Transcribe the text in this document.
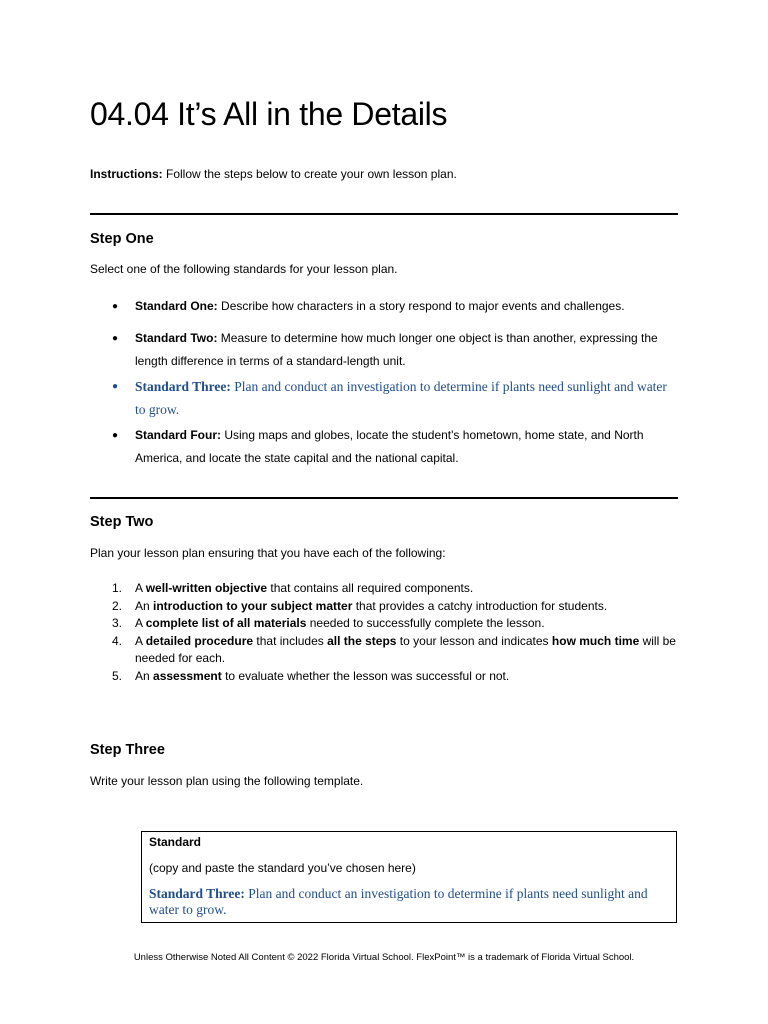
04.04 It’s All in the Details
Instructions: Follow the steps below to create your own lesson plan.
Step One
Select one of the following standards for your lesson plan.
● Standard One: Describe how characters in a story respond to major events and challenges.
● Standard Two: Measure to determine how much longer one object is than another, expressing the length difference in terms of a standard-length unit.
● Standard Three: Plan and conduct an investigation to determine if plants need sunlight and water to grow.
● Standard Four: Using maps and globes, locate the student's hometown, home state, and North America, and locate the state capital and the national capital.
Step Two
Plan your lesson plan ensuring that you have each of the following:
1. A well-written objective that contains all required components.
2. An introduction to your subject matter that provides a catchy introduction for students.
3. A complete list of all materials needed to successfully complete the lesson.
4. A detailed procedure that includes all the steps to your lesson and indicates how much time will be needed for each.
5. An assessment to evaluate whether the lesson was successful or not.
Step Three
Write your lesson plan using the following template.
Standard
(copy and paste the standard you’ve chosen here)
Standard Three: Plan and conduct an investigation to determine if plants need sunlight and water to grow.
Unless Otherwise Noted All Content © 2022 Florida Virtual School. FlexPoint™ is a trademark of Florida Virtual School.
